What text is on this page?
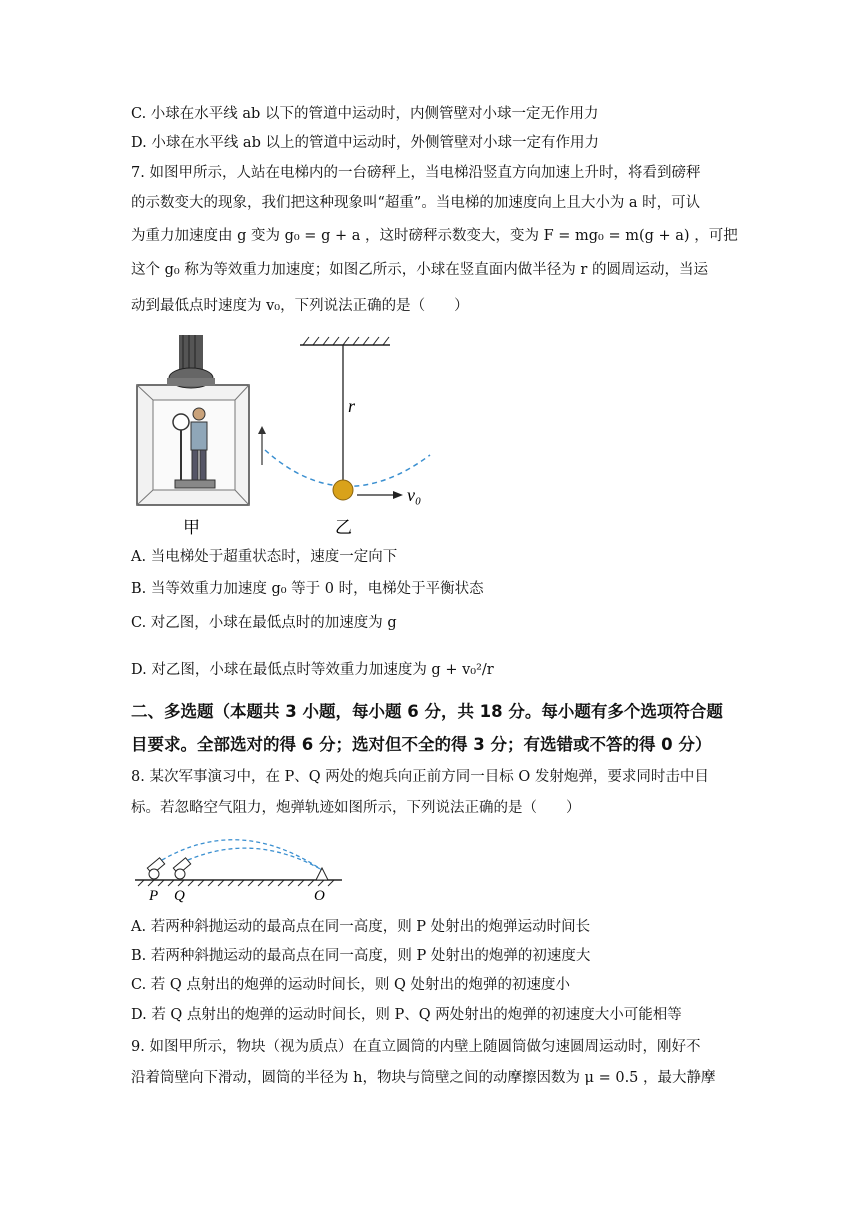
C. 小球在水平线 ab 以下的管道中运动时，内侧管壁对小球一定无作用力
D. 小球在水平线 ab 以上的管道中运动时，外侧管壁对小球一定有作用力
7. 如图甲所示，人站在电梯内的一台磅秤上，当电梯沿竖直方向加速上升时，将看到磅秤
的示数变大的现象，我们把这种现象叫“超重”。当电梯的加速度向上且大小为 a 时，可认
为重力加速度由 g 变为 g₀ = g + a ，这时磅秤示数变大，变为 F = mg₀ = m(g + a) ，可把
这个 g₀ 称为等效重力加速度；如图乙所示，小球在竖直面内做半径为 r 的圆周运动，当运
动到最低点时速度为 v₀，下列说法正确的是（　　）
r
v₀
甲	乙
A. 当电梯处于超重状态时，速度一定向下
B. 当等效重力加速度 g₀ 等于 0 时，电梯处于平衡状态
C. 对乙图，小球在最低点时的加速度为 g
D. 对乙图，小球在最低点时等效重力加速度为 g + v₀²/r
二、多选题（本题共 3 小题，每小题 6 分，共 18 分。每小题有多个选项符合题
目要求。全部选对的得 6 分；选对但不全的得 3 分；有选错或不答的得 0 分）
8. 某次军事演习中，在 P、Q 两处的炮兵向正前方同一目标 O 发射炮弹，要求同时击中目
标。若忽略空气阻力，炮弹轨迹如图所示，下列说法正确的是（　　）
P Q	O
A. 若两种斜抛运动的最高点在同一高度，则 P 处射出的炮弹运动时间长
B. 若两种斜抛运动的最高点在同一高度，则 P 处射出的炮弹的初速度大
C. 若 Q 点射出的炮弹的运动时间长，则 Q 处射出的炮弹的初速度小
D. 若 Q 点射出的炮弹的运动时间长，则 P、Q 两处射出的炮弹的初速度大小可能相等
9. 如图甲所示，物块（视为质点）在直立圆筒的内壁上随圆筒做匀速圆周运动时，刚好不
沿着筒壁向下滑动，圆筒的半径为 h，物块与筒壁之间的动摩擦因数为 μ = 0.5 ，最大静摩
